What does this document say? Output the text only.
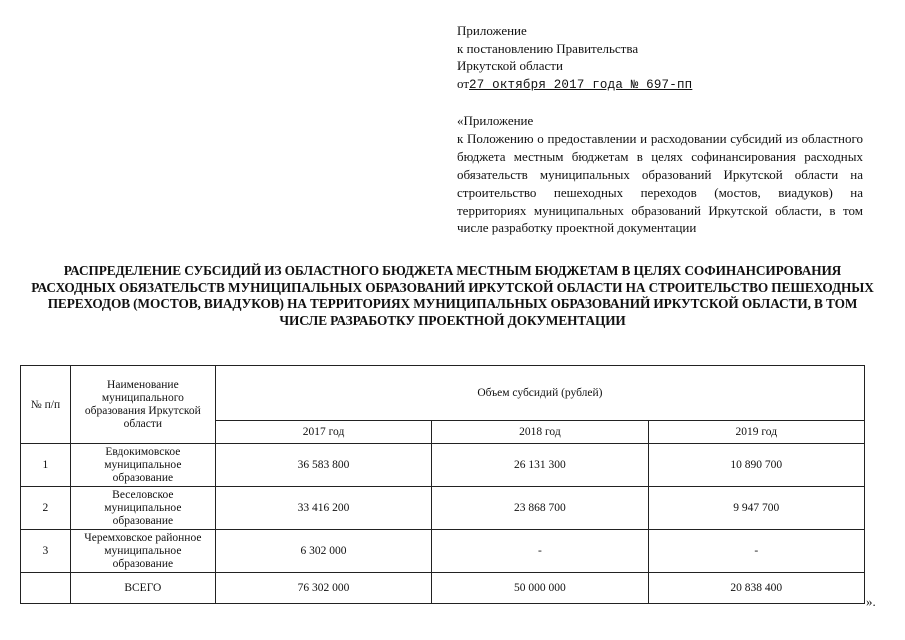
Приложение
к постановлению Правительства
Иркутской области
от27 октября 2017 года № 697-пп
«Приложение
к Положению о предоставлении и расходовании субсидий из областного бюджета местным бюджетам в целях софинансирования расходных обязательств муниципальных образований Иркутской области на строительство пешеходных переходов (мостов, виадуков) на территориях муниципальных образований Иркутской области, в том числе разработку проектной документации
РАСПРЕДЕЛЕНИЕ СУБСИДИЙ ИЗ ОБЛАСТНОГО БЮДЖЕТА МЕСТНЫМ БЮДЖЕТАМ В ЦЕЛЯХ СОФИНАНСИРОВАНИЯ РАСХОДНЫХ ОБЯЗАТЕЛЬСТВ МУНИЦИПАЛЬНЫХ ОБРАЗОВАНИЙ ИРКУТСКОЙ ОБЛАСТИ НА СТРОИТЕЛЬСТВО ПЕШЕХОДНЫХ ПЕРЕХОДОВ (МОСТОВ, ВИАДУКОВ) НА ТЕРРИТОРИЯХ МУНИЦИПАЛЬНЫХ ОБРАЗОВАНИЙ ИРКУТСКОЙ ОБЛАСТИ, В ТОМ ЧИСЛЕ РАЗРАБОТКУ ПРОЕКТНОЙ ДОКУМЕНТАЦИИ
№ п/п	Наименование муниципального образования Иркутской области	Объем субсидий (рублей)		
		2017 год	2018 год	2019 год
1	Евдокимовское муниципальное образование	36 583 800	26 131 300	10 890 700
2	Веселовское муниципальное образование	33 416 200	23 868 700	9 947 700
3	Черемховское районное муниципальное образование	6 302 000	-	-
	ВСЕГО	76 302 000	50 000 000	20 838 400
».
